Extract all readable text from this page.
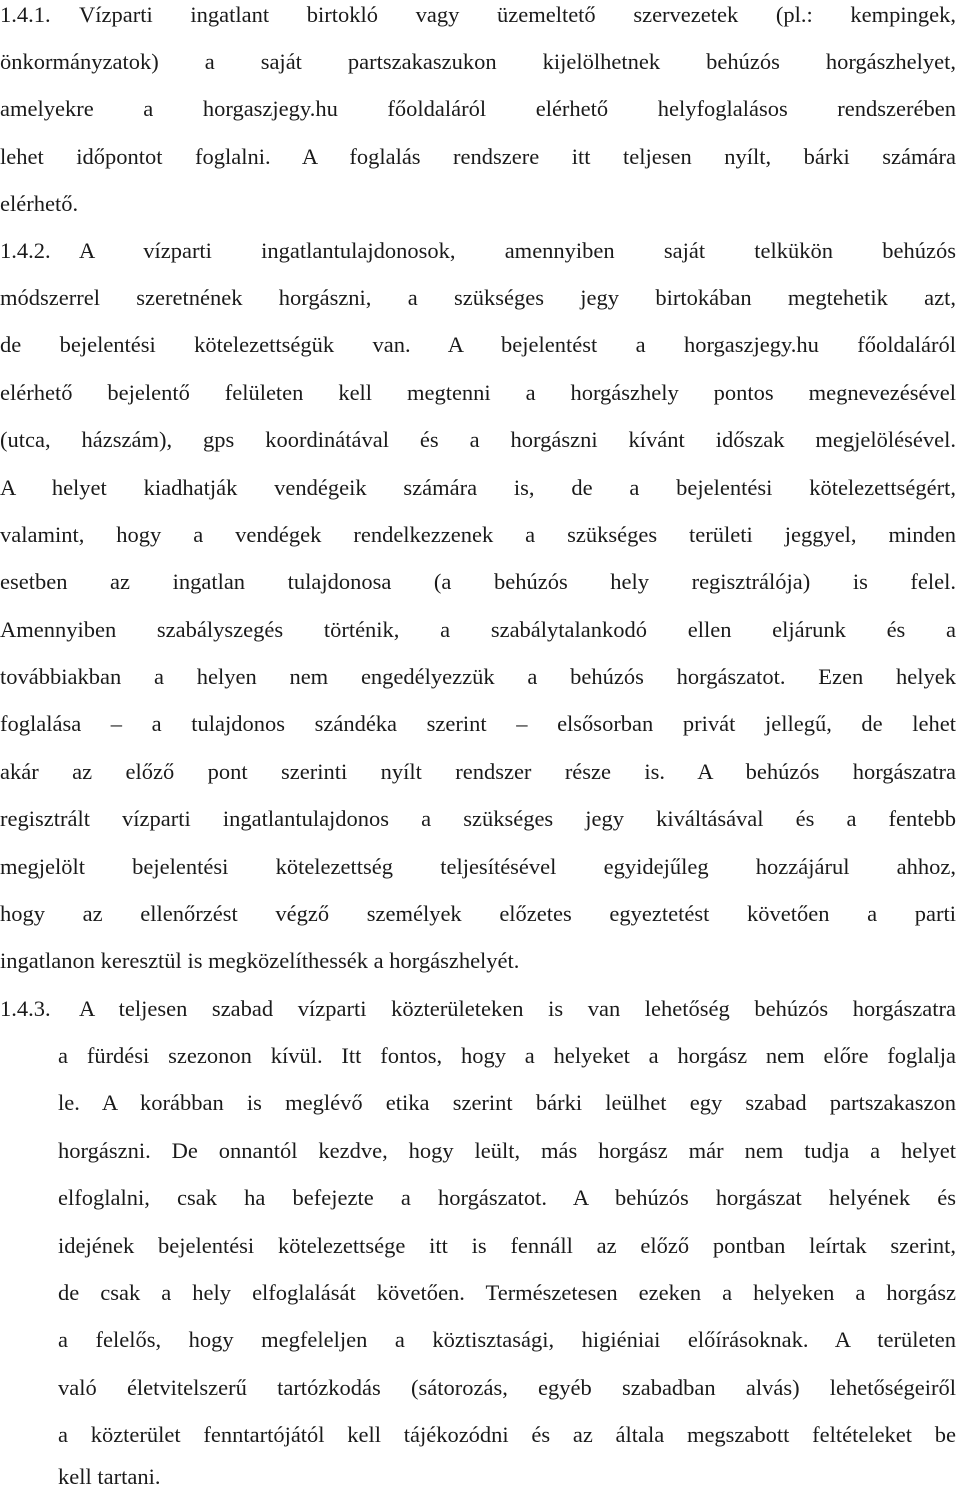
1.4.1. Vízparti ingatlant birtokló vagy üzemeltető szervezetek (pl.: kempingek,
önkormányzatok) a saját partszakaszukon kijelölhetnek behúzós horgászhelyet,
amelyekre a horgaszjegy.hu főoldaláról elérhető helyfoglalásos rendszerében
lehet időpontot foglalni. A foglalás rendszere itt teljesen nyílt, bárki számára
elérhető.
1.4.2. A vízparti ingatlantulajdonosok, amennyiben saját telkükön behúzós
módszerrel szeretnének horgászni, a szükséges jegy birtokában megtehetik azt,
de bejelentési kötelezettségük van. A bejelentést a horgaszjegy.hu főoldaláról
elérhető bejelentő felületen kell megtenni a horgászhely pontos megnevezésével
(utca, házszám), gps koordinátával és a horgászni kívánt időszak megjelölésével.
A helyet kiadhatják vendégeik számára is, de a bejelentési kötelezettségért,
valamint, hogy a vendégek rendelkezzenek a szükséges területi jeggyel, minden
esetben az ingatlan tulajdonosa (a behúzós hely regisztrálója) is felel.
Amennyiben szabályszegés történik, a szabálytalankodó ellen eljárunk és a
továbbiakban a helyen nem engedélyezzük a behúzós horgászatot. Ezen helyek
foglalása – a tulajdonos szándéka szerint – elsősorban privát jellegű, de lehet
akár az előző pont szerinti nyílt rendszer része is. A behúzós horgászatra
regisztrált vízparti ingatlantulajdonos a szükséges jegy kiváltásával és a fentebb
megjelölt bejelentési kötelezettség teljesítésével egyidejűleg hozzájárul ahhoz,
hogy az ellenőrzést végző személyek előzetes egyeztetést követően a parti
ingatlanon keresztül is megközelíthessék a horgászhelyét.
1.4.3. A teljesen szabad vízparti közterületeken is van lehetőség behúzós horgászatra
a fürdési szezonon kívül. Itt fontos, hogy a helyeket a horgász nem előre foglalja
le. A korábban is meglévő etika szerint bárki leülhet egy szabad partszakaszon
horgászni. De onnantól kezdve, hogy leült, más horgász már nem tudja a helyet
elfoglalni, csak ha befejezte a horgászatot. A behúzós horgászat helyének és
idejének bejelentési kötelezettsége itt is fennáll az előző pontban leírtak szerint,
de csak a hely elfoglalását követően. Természetesen ezeken a helyeken a horgász
a felelős, hogy megfeleljen a köztisztasági, higiéniai előírásoknak. A területen
való életvitelszerű tartózkodás (sátorozás, egyéb szabadban alvás) lehetőségeiről
a közterület fenntartójától kell tájékozódni és az általa megszabott feltételeket be
kell tartani.
